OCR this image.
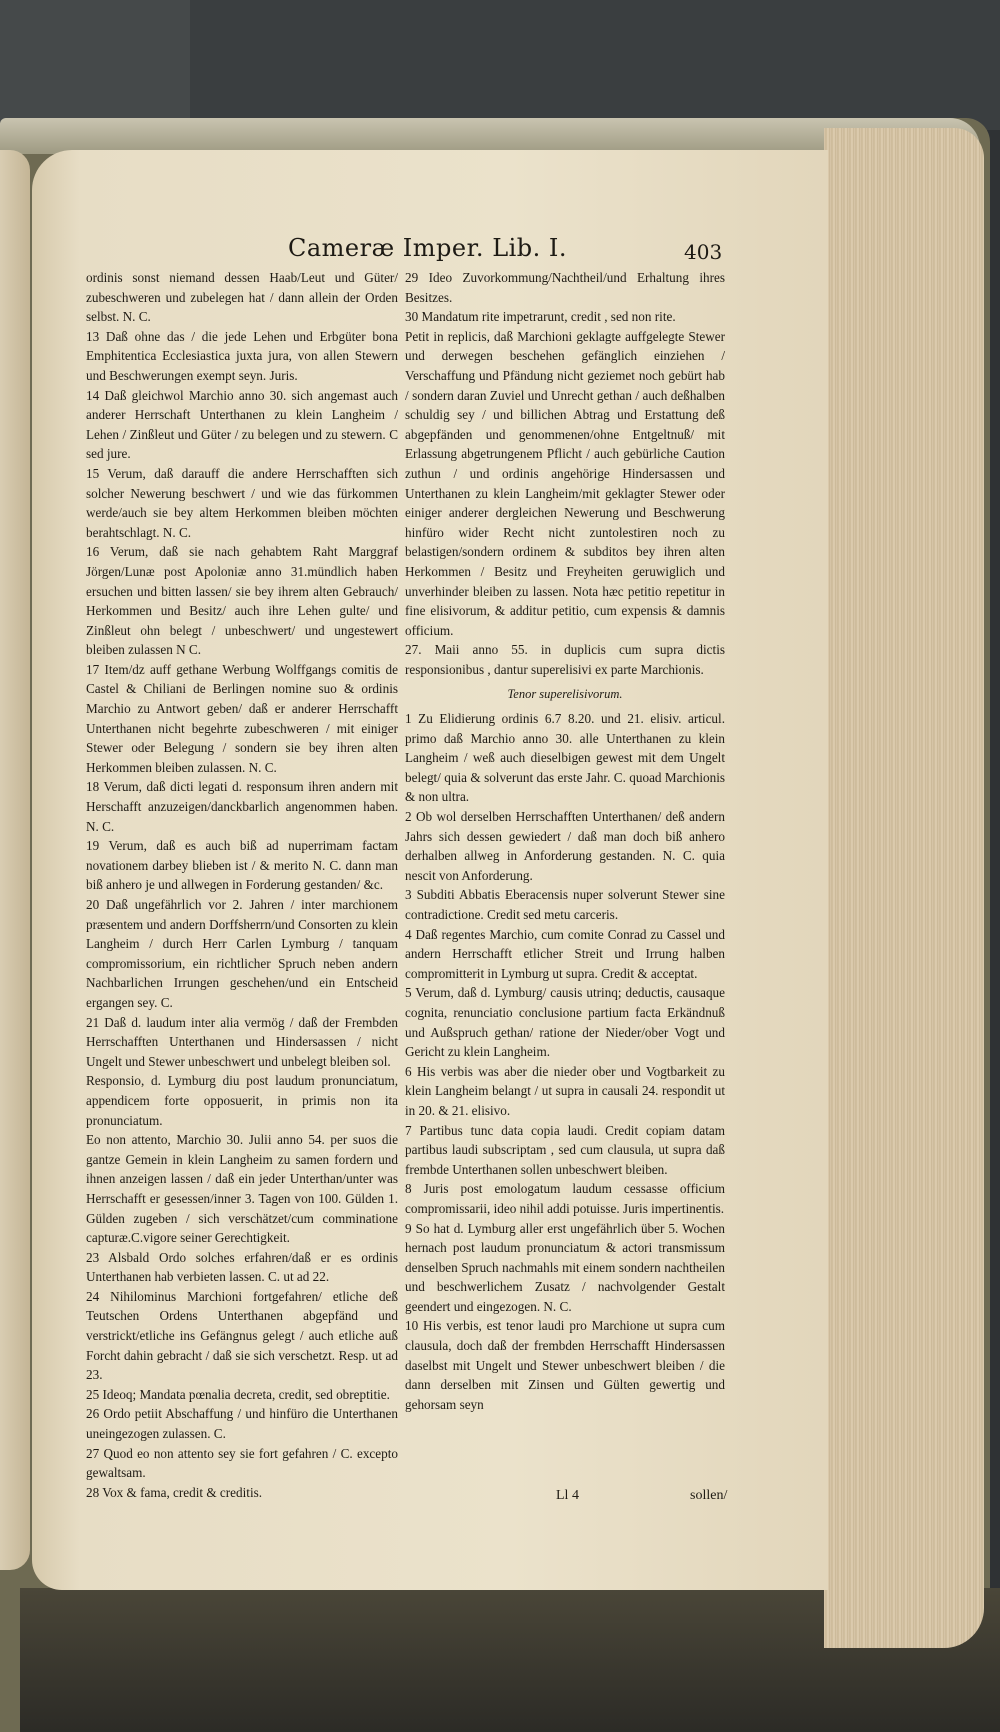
Cameræ Imper. Lib. I.	403

ordinis sonst niemand dessen Haab/Leut und Güter/ zubeschweren und zubelegen hat / dann allein der Orden selbst. N. C.

13 Daß ohne das / die jede Lehen und Erbgüter bona Emphitentica Ecclesiastica juxta jura, von allen Stewern und Beschwerungen exempt seyn. Juris.

14 Daß gleichwol Marchio anno 30. sich angemast auch anderer Herrschaft Unterthanen zu klein Langheim / Lehen / Zinßleut und Güter / zu belegen und zu stewern. C sed jure.

15 Verum, daß darauff die andere Herrschafften sich solcher Newerung beschwert / und wie das fürkommen werde/auch sie bey altem Herkommen bleiben möchten berahtschlagt. N. C.

16 Verum, daß sie nach gehabtem Raht Marggraf Jörgen/Lunæ post Apoloniæ anno 31.mündlich haben ersuchen und bitten lassen/ sie bey ihrem alten Gebrauch/ Herkommen und Besitz/ auch ihre Lehen gulte/ und Zinßleut ohn belegt / unbeschwert/ und ungestewert bleiben zulassen N C.

17 Item/dz auff gethane Werbung Wolffgangs comitis de Castel & Chiliani de Berlingen nomine suo & ordinis Marchio zu Antwort geben/ daß er anderer Herrschafft Unterthanen nicht begehrte zubeschweren / mit einiger Stewer oder Belegung / sondern sie bey ihren alten Herkommen bleiben zulassen. N. C.

18 Verum, daß dicti legati d. responsum ihren andern mit Herschafft anzuzeigen/danckbarlich angenommen haben. N. C.

19 Verum, daß es auch biß ad nuperrimam factam novationem darbey blieben ist / & merito N. C. dann man biß anhero je und allwegen in Forderung gestanden/ &c.

20 Daß ungefährlich vor 2. Jahren / inter marchionem præsentem und andern Dorffsherrn/und Consorten zu klein Langheim / durch Herr Carlen Lymburg / tanquam compromissorium, ein richtlicher Spruch neben andern Nachbarlichen Irrungen geschehen/und ein Entscheid ergangen sey. C.

21 Daß d. laudum inter alia vermög / daß der Frembden Herrschafften Unterthanen und Hindersassen / nicht Ungelt und Stewer unbeschwert und unbelegt bleiben sol.

Responsio, d. Lymburg diu post laudum pronunciatum, appendicem forte opposuerit, in primis non ita pronunciatum.

Eo non attento, Marchio 30. Julii anno 54. per suos die gantze Gemein in klein Langheim zu samen fordern und ihnen anzeigen lassen / daß ein jeder Unterthan/unter was Herrschafft er gesessen/inner 3. Tagen von 100. Gülden 1. Gülden zugeben / sich verschätzet/cum comminatione capturæ.C.vigore seiner Gerechtigkeit.

23 Alsbald Ordo solches erfahren/daß er es ordinis Unterthanen hab verbieten lassen. C. ut ad 22.

24 Nihilominus Marchioni fortgefahren/ etliche deß Teutschen Ordens Unterthanen abgepfänd und verstrickt/etliche ins Gefängnus gelegt / auch etliche auß Forcht dahin gebracht / daß sie sich verschetzt. Resp. ut ad 23.

25 Ideoq; Mandata pœnalia decreta, credit, sed obreptitie.

26 Ordo petiit Abschaffung / und hinfüro die Unterthanen uneingezogen zulassen. C.

27 Quod eo non attento sey sie fort gefahren / C. excepto gewaltsam.

28 Vox & fama, credit & creditis.

29 Ideo Zuvorkommung/Nachtheil/und Erhaltung ihres Besitzes.

30 Mandatum rite impetrarunt, credit , sed non rite.

Petit in replicis, daß Marchioni geklagte auffgelegte Stewer und derwegen beschehen gefänglich einziehen / Verschaffung und Pfändung nicht geziemet noch gebürt hab / sondern daran Zuviel und Unrecht gethan / auch deßhalben schuldig sey / und billichen Abtrag und Erstattung deß abgepfänden und genommenen/ohne Entgeltnuß/ mit Erlassung abgetrungenem Pflicht / auch gebürliche Caution zuthun / und ordinis angehörige Hindersassen und Unterthanen zu klein Langheim/mit geklagter Stewer oder einiger anderer dergleichen Newerung und Beschwerung hinfüro wider Recht nicht zuntolestiren noch zu belastigen/sondern ordinem & subditos bey ihren alten Herkommen / Besitz und Freyheiten geruwiglich und unverhinder bleiben zu lassen. Nota hæc petitio repetitur in fine elisivorum, & additur petitio, cum expensis & damnis officium.

27. Maii anno 55. in duplicis cum supra dictis responsionibus , dantur superelisivi ex parte Marchionis.

Tenor superelisivorum.

1 Zu Elidierung ordinis 6.7 8.20. und 21. elisiv. articul. primo daß Marchio anno 30. alle Unterthanen zu klein Langheim / weß auch dieselbigen gewest mit dem Ungelt belegt/ quia & solverunt das erste Jahr. C. quoad Marchionis & non ultra.

2 Ob wol derselben Herrschafften Unterthanen/ deß andern Jahrs sich dessen gewiedert / daß man doch biß anhero derhalben allweg in Anforderung gestanden. N. C. quia nescit von Anforderung.

3 Subditi Abbatis Eberacensis nuper solverunt Stewer sine contradictione. Credit sed metu carceris.

4 Daß regentes Marchio, cum comite Conrad zu Cassel und andern Herrschafft etlicher Streit und Irrung halben compromitterit in Lymburg ut supra. Credit & acceptat.

5 Verum, daß d. Lymburg/ causis utrinq; deductis, causaque cognita, renunciatio conclusione partium facta Erkändnuß und Außspruch gethan/ ratione der Nieder/ober Vogt und Gericht zu klein Langheim.

6 His verbis was aber die nieder ober und Vogtbarkeit zu klein Langheim belangt / ut supra in causali 24. respondit ut in 20. & 21. elisivo.

7 Partibus tunc data copia laudi. Credit copiam datam partibus laudi subscriptam , sed cum clausula, ut supra daß frembde Unterthanen sollen unbeschwert bleiben.

8 Juris post emologatum laudum cessasse officium compromissarii, ideo nihil addi potuisse. Juris impertinentis.

9 So hat d. Lymburg aller erst ungefährlich über 5. Wochen hernach post laudum pronunciatum & actori transmissum denselben Spruch nachmahls mit einem sondern nachtheilen und beschwerlichem Zusatz / nachvolgender Gestalt geendert und eingezogen. N. C.

10 His verbis, est tenor laudi pro Marchione ut supra cum clausula, doch daß der frembden Herrschafft Hindersassen daselbst mit Ungelt und Stewer unbeschwert bleiben / die dann derselben mit Zinsen und Gülten gewertig und gehorsam seyn

Ll 4	sollen/
